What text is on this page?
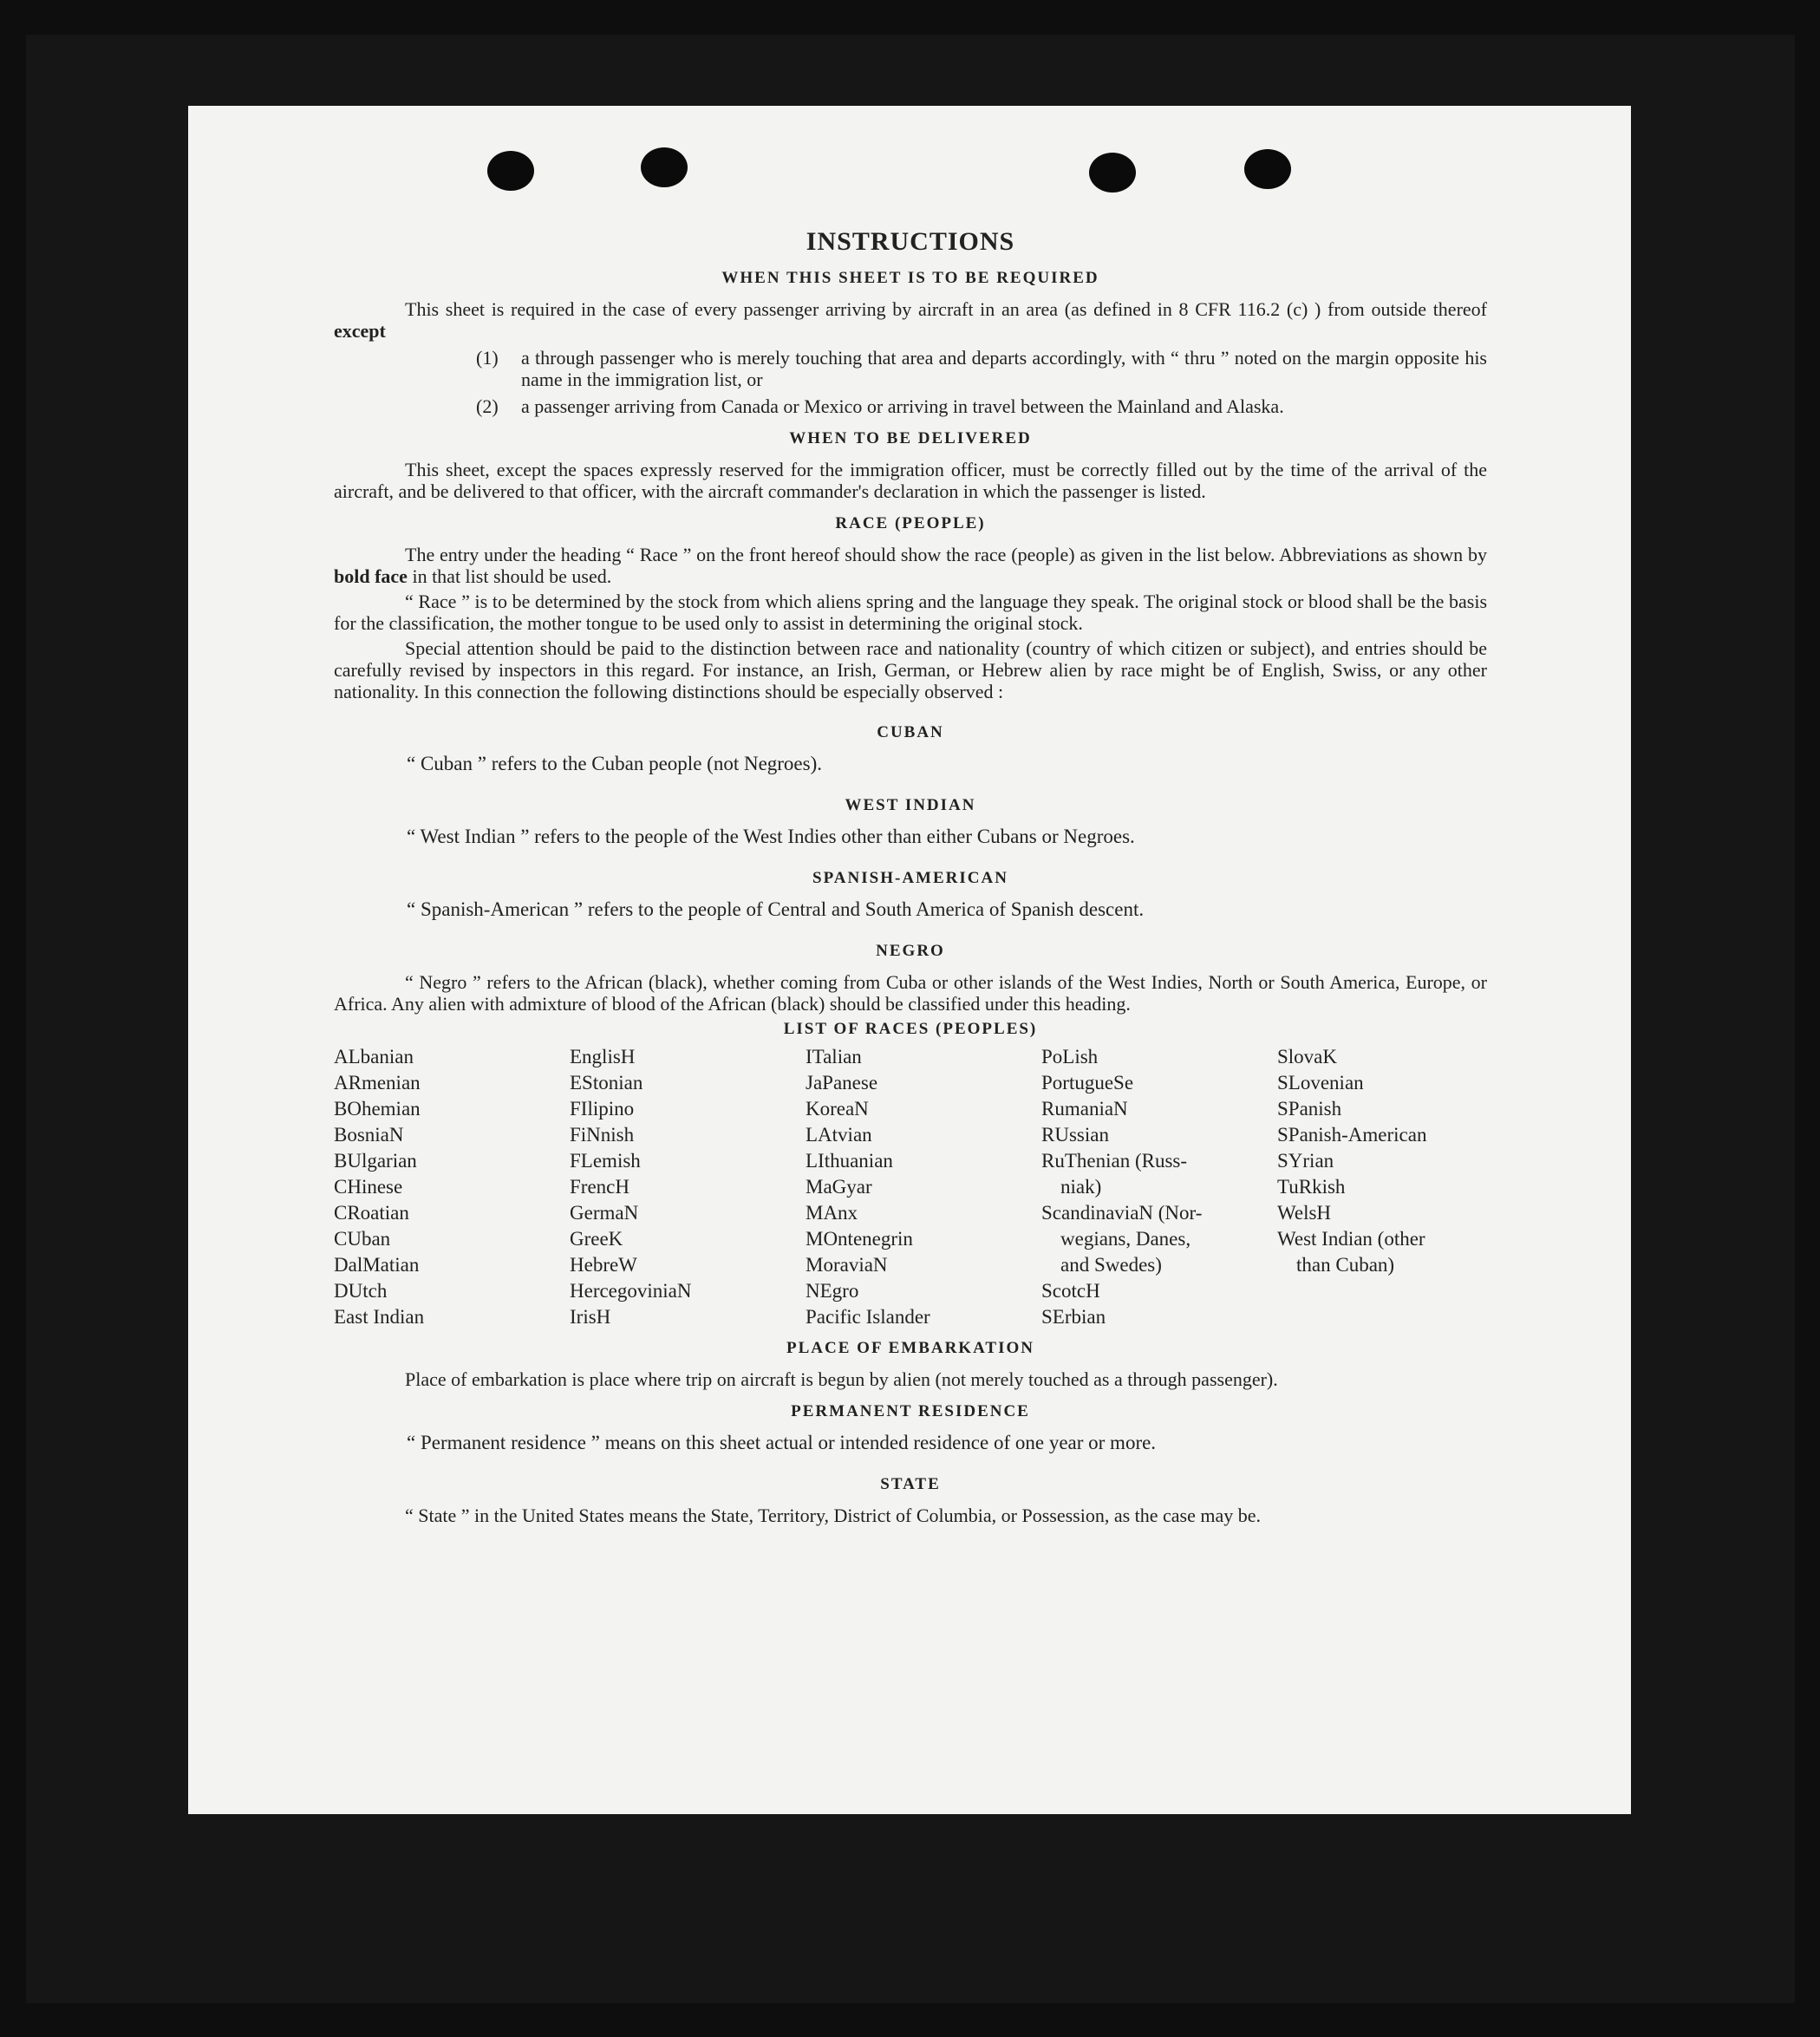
INSTRUCTIONS
WHEN THIS SHEET IS TO BE REQUIRED

This sheet is required in the case of every passenger arriving by aircraft in an area (as defined in 8 CFR 116.2 (c) ) from outside thereof except

(1)	a through passenger who is merely touching that area and departs accordingly, with “ thru ” noted on the margin opposite his name in the immigration list, or
(2)	a passenger arriving from Canada or Mexico or arriving in travel between the Mainland and Alaska.
WHEN TO BE DELIVERED

This sheet, except the spaces expressly reserved for the immigration officer, must be correctly filled out by the time of the arrival of the aircraft, and be delivered to that officer, with the aircraft commander's declaration in which the passenger is listed.

RACE (PEOPLE)

The entry under the heading “ Race ” on the front hereof should show the race (people) as given in the list below. Abbreviations as shown by bold face in that list should be used.

“ Race ” is to be determined by the stock from which aliens spring and the language they speak. The original stock or blood shall be the basis for the classification, the mother tongue to be used only to assist in determining the original stock.

Special attention should be paid to the distinction between race and nationality (country of which citizen or subject), and entries should be carefully revised by inspectors in this regard. For instance, an Irish, German, or Hebrew alien by race might be of English, Swiss, or any other nationality. In this connection the following distinctions should be especially observed :

CUBAN
“ Cuban ” refers to the Cuban people (not Negroes).
WEST INDIAN
“ West Indian ” refers to the people of the West Indies other than either Cubans or Negroes.
SPANISH-AMERICAN
“ Spanish-American ” refers to the people of Central and South America of Spanish descent.
NEGRO

“ Negro ” refers to the African (black), whether coming from Cuba or other islands of the West Indies, North or South America, Europe, or Africa. Any alien with admixture of blood of the African (black) should be classified under this heading.

LIST OF RACES (PEOPLES)
ALbanian
ARmenian
BOhemian
BosniaN
BUlgarian
CHinese
CRoatian
CUban
DalMatian
DUtch
East Indian
EnglisH
EStonian
FIlipino
FiNnish
FLemish
FrencH
GermaN
GreeK
HebreW
HercegoviniaN
IrisH
ITalian
JaPanese
KoreaN
LAtvian
LIthuanian
MaGyar
MAnx
MOntenegrin
MoraviaN
NEgro
Pacific Islander
PoLish
PortugueSe
RumaniaN
RUssian
RuThenian (Russ-
niak)
ScandinaviaN (Nor-
wegians, Danes,
and Swedes)
ScotcH
SErbian
SlovaK
SLovenian
SPanish
SPanish-American
SYrian
TuRkish
WelsH
West Indian (other
than Cuban)
PLACE OF EMBARKATION

Place of embarkation is place where trip on aircraft is begun by alien (not merely touched as a through passenger).

PERMANENT RESIDENCE
“ Permanent residence ” means on this sheet actual or intended residence of one year or more.
STATE

“ State ” in the United States means the State, Territory, District of Columbia, or Possession, as the case may be.
